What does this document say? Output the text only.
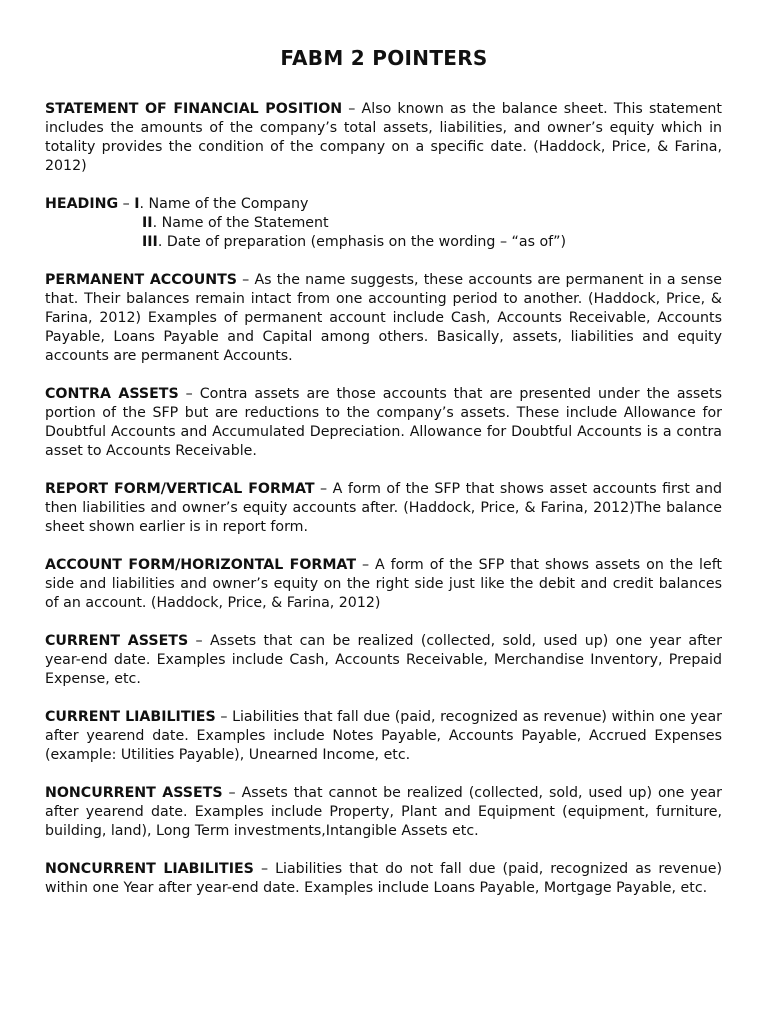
FABM 2 POINTERS

STATEMENT OF FINANCIAL POSITION – Also known as the balance sheet. This statement includes the amounts of the company’s total assets, liabilities, and owner’s equity which in totality provides the condition of the company on a specific date. (Haddock, Price, & Farina, 2012)

HEADING – I. Name of the Company

II. Name of the Statement

III. Date of preparation (emphasis on the wording – “as of”)

PERMANENT ACCOUNTS – As the name suggests, these accounts are permanent in a sense that. Their balances remain intact from one accounting period to another. (Haddock, Price, & Farina, 2012) Examples of permanent account include Cash, Accounts Receivable, Accounts Payable, Loans Payable and Capital among others. Basically, assets, liabilities and equity accounts are permanent Accounts.

CONTRA ASSETS – Contra assets are those accounts that are presented under the assets portion of the SFP but are reductions to the company’s assets. These include Allowance for Doubtful Accounts and Accumulated Depreciation. Allowance for Doubtful Accounts is a contra asset to Accounts Receivable.

REPORT FORM/VERTICAL FORMAT – A form of the SFP that shows asset accounts first and then liabilities and owner’s equity accounts after. (Haddock, Price, & Farina, 2012)The balance sheet shown earlier is in report form.

ACCOUNT FORM/HORIZONTAL FORMAT – A form of the SFP that shows assets on the left side and liabilities and owner’s equity on the right side just like the debit and credit balances of an account. (Haddock, Price, & Farina, 2012)

CURRENT ASSETS – Assets that can be realized (collected, sold, used up) one year after year-end date. Examples include Cash, Accounts Receivable, Merchandise Inventory, Prepaid Expense, etc.

CURRENT LIABILITIES – Liabilities that fall due (paid, recognized as revenue) within one year after yearend date. Examples include Notes Payable, Accounts Payable, Accrued Expenses (example: Utilities Payable), Unearned Income, etc.

NONCURRENT ASSETS – Assets that cannot be realized (collected, sold, used up) one year after yearend date. Examples include Property, Plant and Equipment (equipment, furniture, building, land), Long Term investments,Intangible Assets etc.

NONCURRENT LIABILITIES – Liabilities that do not fall due (paid, recognized as revenue) within one Year after year-end date. Examples include Loans Payable, Mortgage Payable, etc.
